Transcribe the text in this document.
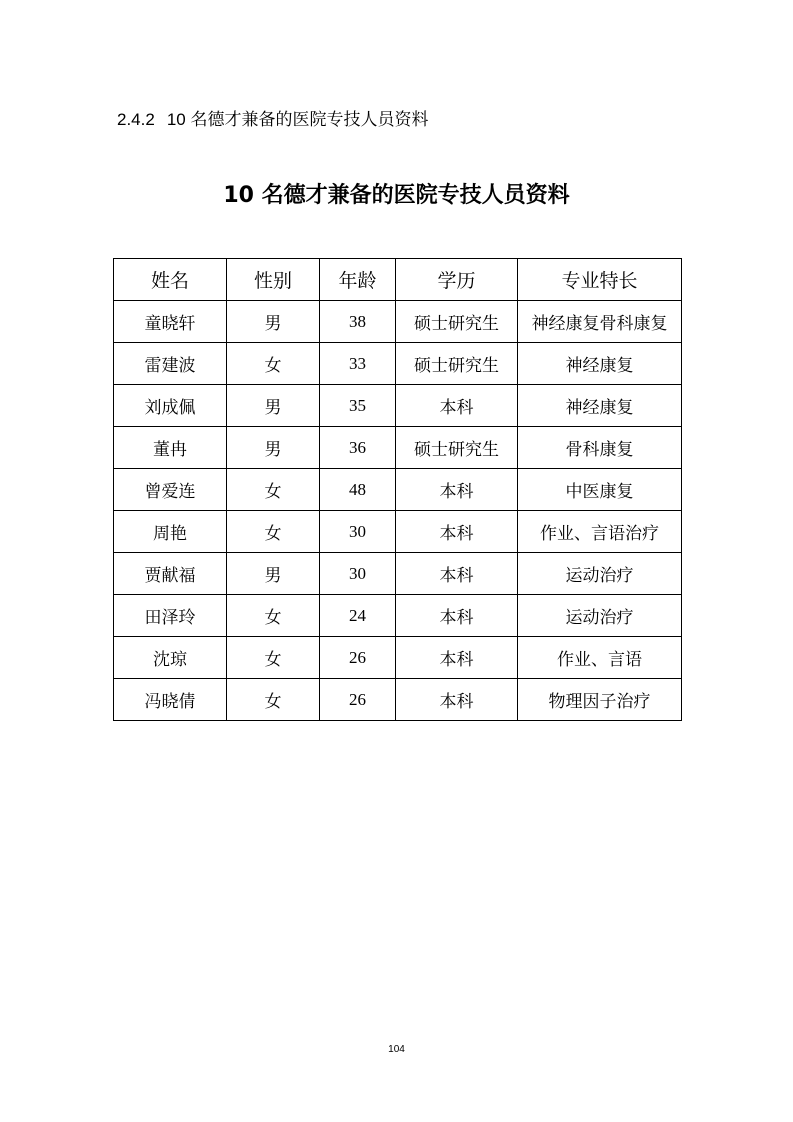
2.4.2 10 名德才兼备的医院专技人员资料
10 名德才兼备的医院专技人员资料
姓名	性别	年龄	学历	专业特长
童晓轩	男	38	硕士研究生	神经康复骨科康复
雷建波	女	33	硕士研究生	神经康复
刘成佩	男	35	本科	神经康复
董冉	男	36	硕士研究生	骨科康复
曾爱连	女	48	本科	中医康复
周艳	女	30	本科	作业、言语治疗
贾献福	男	30	本科	运动治疗
田泽玲	女	24	本科	运动治疗
沈琼	女	26	本科	作业、言语
冯晓倩	女	26	本科	物理因子治疗
104
